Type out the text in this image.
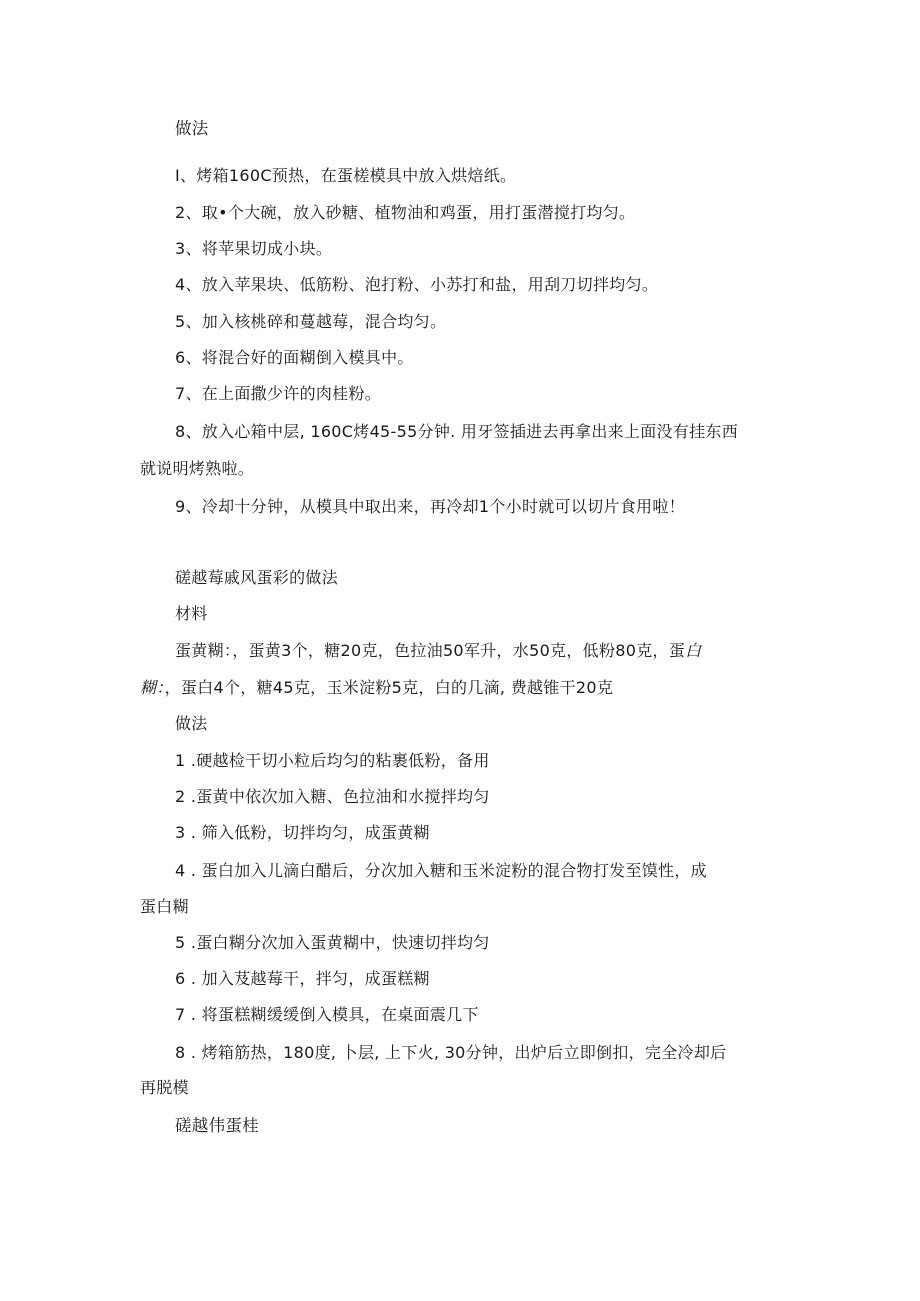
做法
I、烤箱160C预热，在蛋槎模具中放入烘焙纸。
2、取•个大碗，放入砂糖、植物油和鸡蛋，用打蛋潜搅打均匀。
3、将苹果切成小块。
4、放入苹果块、低筋粉、泡打粉、小苏打和盐，用刮刀切拌均匀。
5、加入核桃碎和蔓越莓，混合均匀。
6、将混合好的面糊倒入模具中。
7、在上面撒少许的肉桂粉。
8、放入心箱中层, 160C烤45-55分钟. 用牙签插进去再拿出来上面没有挂东西
就说明烤熟啦。
9、冷却十分钟，从模具中取出来，再冷却1个小时就可以切片食用啦！
磋越莓戚风蛋彩的做法
材料
蛋黄糊：，蛋黄3个，糖20克，色拉油50军升，水50克，低粉80克，蛋白
糊：，蛋白4个，糖45克，玉米淀粉5克，白的几滴, 费越锥干20克
做法
1 .硬越检干切小粒后均匀的粘裹低粉，备用
2 .蛋黄中依次加入糖、色拉油和水搅拌均匀
3 . 筛入低粉，切拌均匀，成蛋黄糊
4 . 蛋白加入儿滴白醋后，分次加入糖和玉米淀粉的混合物打发至馍性，成
蛋白糊
5 .蛋白糊分次加入蛋黄糊中，快速切拌均匀
6 . 加入芨越莓干，拌匀，成蛋糕糊
7 . 将蛋糕糊缓缓倒入模具，在桌面震几下
8 . 烤箱筋热，180度, 卜层, 上下火, 30分钟，出炉后立即倒扣，完全冷却后
再脱模
磋越伟蛋桂
